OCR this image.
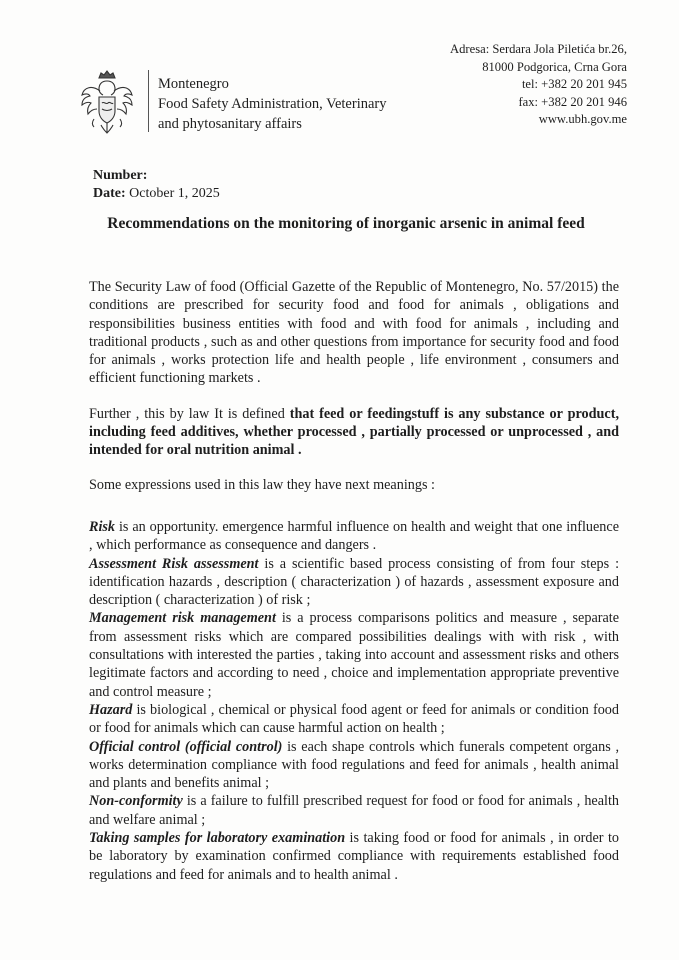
Montenegro
Food Safety Administration, Veterinary
and phytosanitary affairs
Adresa: Serdara Jola Piletića br.26,
81000 Podgorica, Crna Gora
tel: +382 20 201 945
fax: +382 20 201 946
www.ubh.gov.me
Number:
Date: October 1, 2025
Recommendations on the monitoring of inorganic arsenic in animal feed

The Security Law of food (Official Gazette of the Republic of Montenegro, No. 57/2015) the conditions are prescribed for security food and food for animals , obligations and responsibilities business entities with food and with food for animals , including and traditional products , such as and other questions from importance for security food and food for animals , works protection life and health people , life environment , consumers and efficient functioning markets .

Further , this by law It is defined that feed or feedingstuff is any substance or product, including feed additives, whether processed , partially processed or unprocessed , and intended for oral nutrition animal .

Some expressions used in this law they have next meanings :

Risk is an opportunity. emergence harmful influence on health and weight that one influence , which performance as consequence and dangers .

Assessment Risk assessment is a scientific based process consisting of from four steps : identification hazards , description ( characterization ) of hazards , assessment exposure and description ( characterization ) of risk ;

Management risk management is a process comparisons politics and measure , separate from assessment risks which are compared possibilities dealings with with risk , with consultations with interested the parties , taking into account and assessment risks and others legitimate factors and according to need , choice and implementation appropriate preventive and control measure ;

Hazard is biological , chemical or physical food agent or feed for animals or condition food or food for animals which can cause harmful action on health ;

Official control (official control) is each shape controls which funerals competent organs , works determination compliance with food regulations and feed for animals , health animal and plants and benefits animal ;

Non-conformity is a failure to fulfill prescribed request for food or food for animals , health and welfare animal ;

Taking samples for laboratory examination is taking food or food for animals , in order to be laboratory by examination confirmed compliance with requirements established food regulations and feed for animals and to health animal .
